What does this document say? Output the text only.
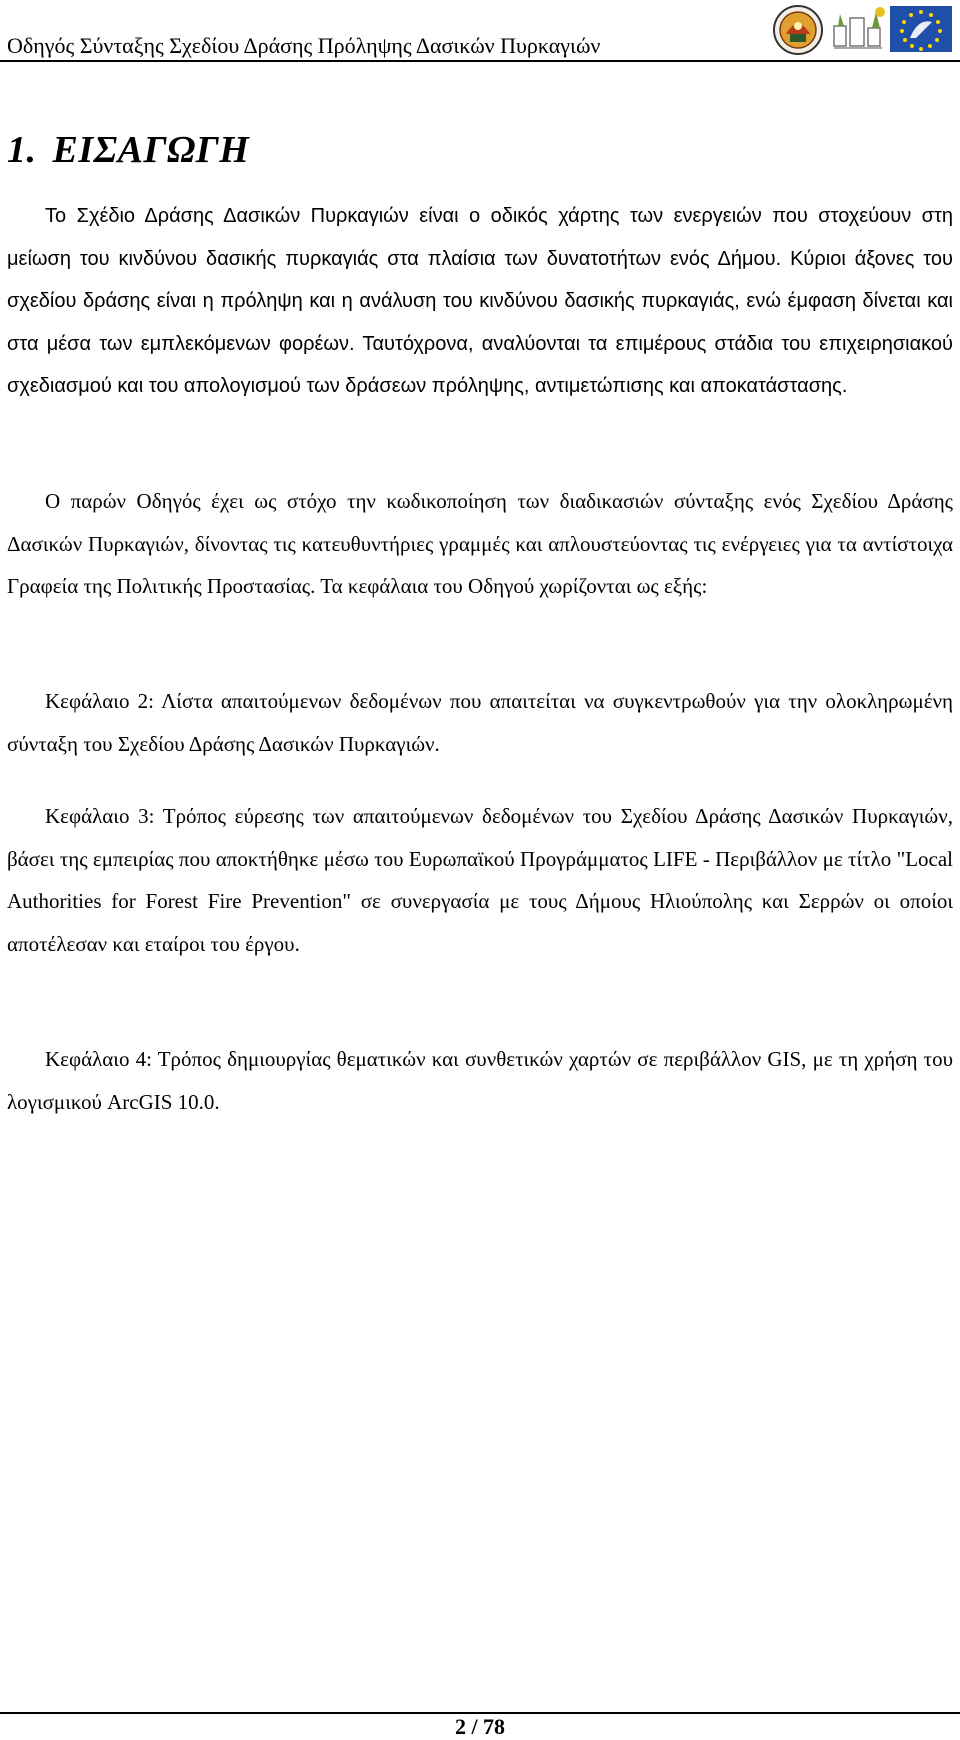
Οδηγός Σύνταξης Σχεδίου Δράσης Πρόληψης Δασικών Πυρκαγιών
1. ΕΙΣΑΓΩΓΗ

Το Σχέδιο Δράσης Δασικών Πυρκαγιών είναι ο οδικός χάρτης των ενεργειών που στοχεύουν στη μείωση του κινδύνου δασικής πυρκαγιάς στα πλαίσια των δυνατοτήτων ενός Δήμου. Κύριοι άξονες του σχεδίου δράσης είναι η πρόληψη και η ανάλυση του κινδύνου δασικής πυρκαγιάς, ενώ έμφαση δίνεται και στα μέσα των εμπλεκόμενων φορέων. Ταυτόχρονα, αναλύονται τα επιμέρους στάδια του επιχειρησιακού σχεδιασμού και του απολογισμού των δράσεων πρόληψης, αντιμετώπισης και αποκατάστασης.

Ο παρών Οδηγός έχει ως στόχο την κωδικοποίηση των διαδικασιών σύνταξης ενός Σχεδίου Δράσης Δασικών Πυρκαγιών, δίνοντας τις κατευθυντήριες γραμμές και απλουστεύοντας τις ενέργειες για τα αντίστοιχα Γραφεία της Πολιτικής Προστασίας. Τα κεφάλαια του Οδηγού χωρίζονται ως εξής:

Κεφάλαιο 2: Λίστα απαιτούμενων δεδομένων που απαιτείται να συγκεντρωθούν για την ολοκληρωμένη σύνταξη του Σχεδίου Δράσης Δασικών Πυρκαγιών.

Κεφάλαιο 3: Τρόπος εύρεσης των απαιτούμενων δεδομένων του Σχεδίου Δράσης Δασικών Πυρκαγιών, βάσει της εμπειρίας που αποκτήθηκε μέσω του Ευρωπαϊκού Προγράμματος LIFE - Περιβάλλον με τίτλο "Local Authorities for Forest Fire Prevention" σε συνεργασία με τους Δήμους Ηλιούπολης και Σερρών οι οποίοι αποτέλεσαν και εταίροι του έργου.

Κεφάλαιο 4: Τρόπος δημιουργίας θεματικών και συνθετικών χαρτών σε περιβάλλον GIS, με τη χρήση του λογισμικού ArcGIS 10.0.

2 / 78
